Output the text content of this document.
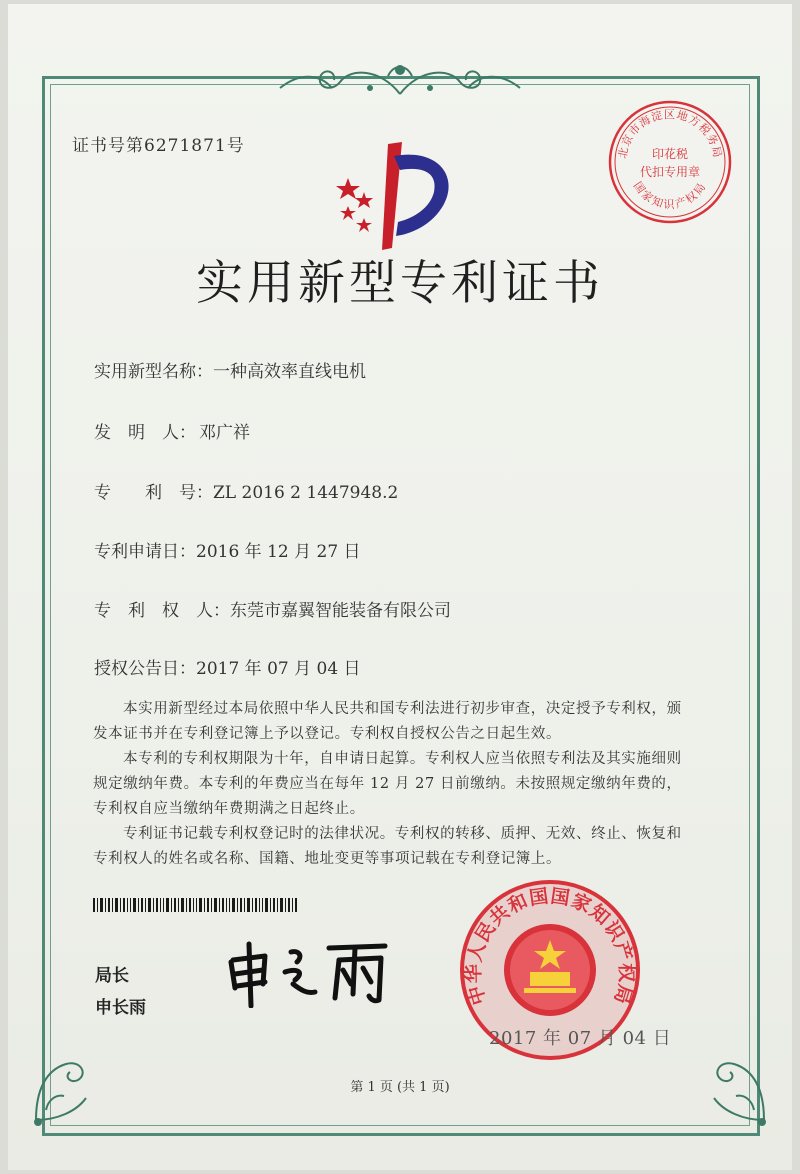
证书号第6271871号	北京市海淀区地方税务局
国家知识产权局
印花税
代扣专用章
实用新型专利证书
实用新型名称：一种高效率直线电机
发　明　人： 邓广祥
专　　利　号：ZL 2016 2 1447948.2
专利申请日：2016 年 12 月 27 日
专　利　权　人：东莞市嘉翼智能装备有限公司
授权公告日：2017 年 07 月 04 日

本实用新型经过本局依照中华人民共和国专利法进行初步审查，决定授予专利权，颁发本证书并在专利登记簿上予以登记。专利权自授权公告之日起生效。

本专利的专利权期限为十年，自申请日起算。专利权人应当依照专利法及其实施细则规定缴纳年费。本专利的年费应当在每年 12 月 27 日前缴纳。未按照规定缴纳年费的，专利权自应当缴纳年费期满之日起终止。

专利证书记载专利权登记时的法律状况。专利权的转移、质押、无效、终止、恢复和专利权人的姓名或名称、国籍、地址变更等事项记载在专利登记簿上。

局长
申长雨
中华人民共和国国家知识产权局
2017 年 07 月 04 日
第 1 页 (共 1 页)
